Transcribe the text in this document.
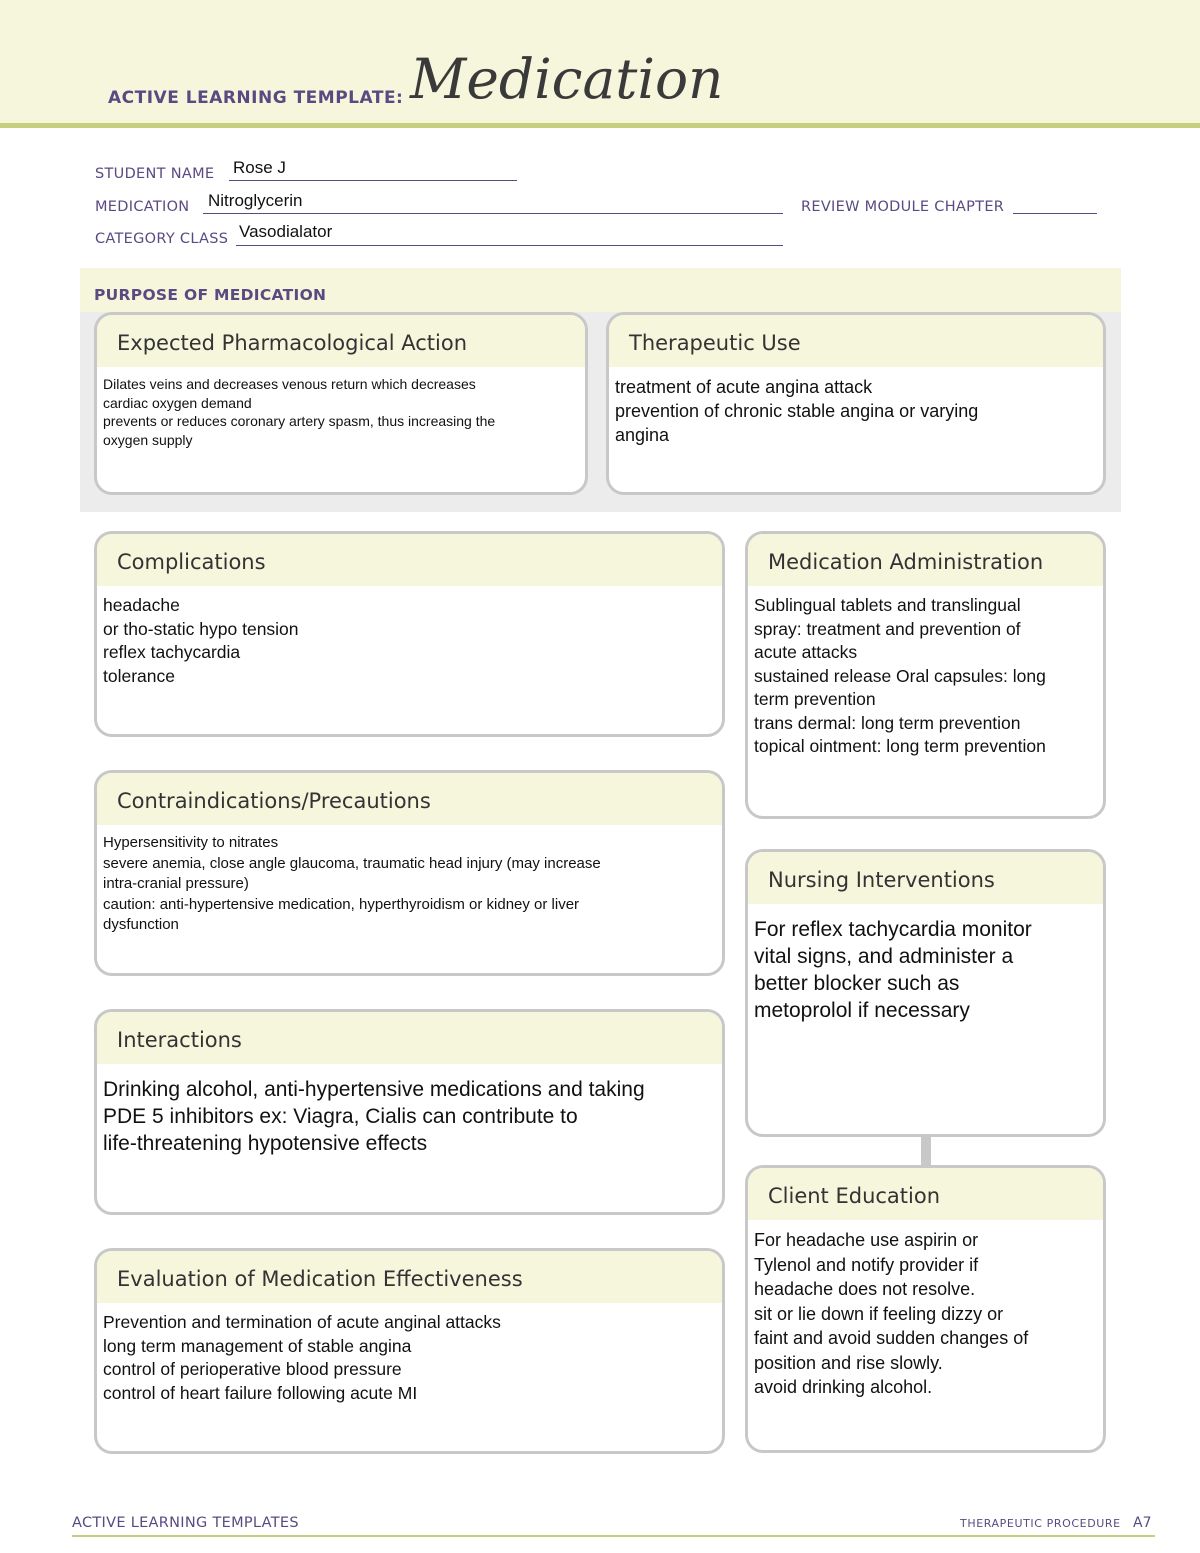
ACTIVE LEARNING TEMPLATE: Medication
STUDENT NAME Rose J
MEDICATION Nitroglycerin	REVIEW MODULE CHAPTER
CATEGORY CLASS Vasodialator
PURPOSE OF MEDICATION
Expected Pharmacological Action
Dilates veins and decreases venous return which decreases
cardiac oxygen demand
prevents or reduces coronary artery spasm, thus increasing the
oxygen supply
Therapeutic Use
treatment of acute angina attack
prevention of chronic stable angina or varying
angina
Complications
headache
or tho-static hypo tension
reflex tachycardia
tolerance
Contraindications/Precautions
Hypersensitivity to nitrates
severe anemia, close angle glaucoma, traumatic head injury (may increase
intra-cranial pressure)
caution: anti-hypertensive medication, hyperthyroidism or kidney or liver
dysfunction
Interactions
Drinking alcohol, anti-hypertensive medications and taking
PDE 5 inhibitors ex: Viagra, Cialis can contribute to
life-threatening hypotensive effects
Evaluation of Medication Effectiveness
Prevention and termination of acute anginal attacks
long term management of stable angina
control of perioperative blood pressure
control of heart failure following acute MI
Medication Administration
Sublingual tablets and translingual
spray: treatment and prevention of
acute attacks
sustained release Oral capsules: long
term prevention
trans dermal: long term prevention
topical ointment: long term prevention
Nursing Interventions
For reflex tachycardia monitor
vital signs, and administer a
better blocker such as
metoprolol if necessary
Client Education
For headache use aspirin or
Tylenol and notify provider if
headache does not resolve.
sit or lie down if feeling dizzy or
faint and avoid sudden changes of
position and rise slowly.
avoid drinking alcohol.
ACTIVE LEARNING TEMPLATES	THERAPEUTIC PROCEDURE A7
